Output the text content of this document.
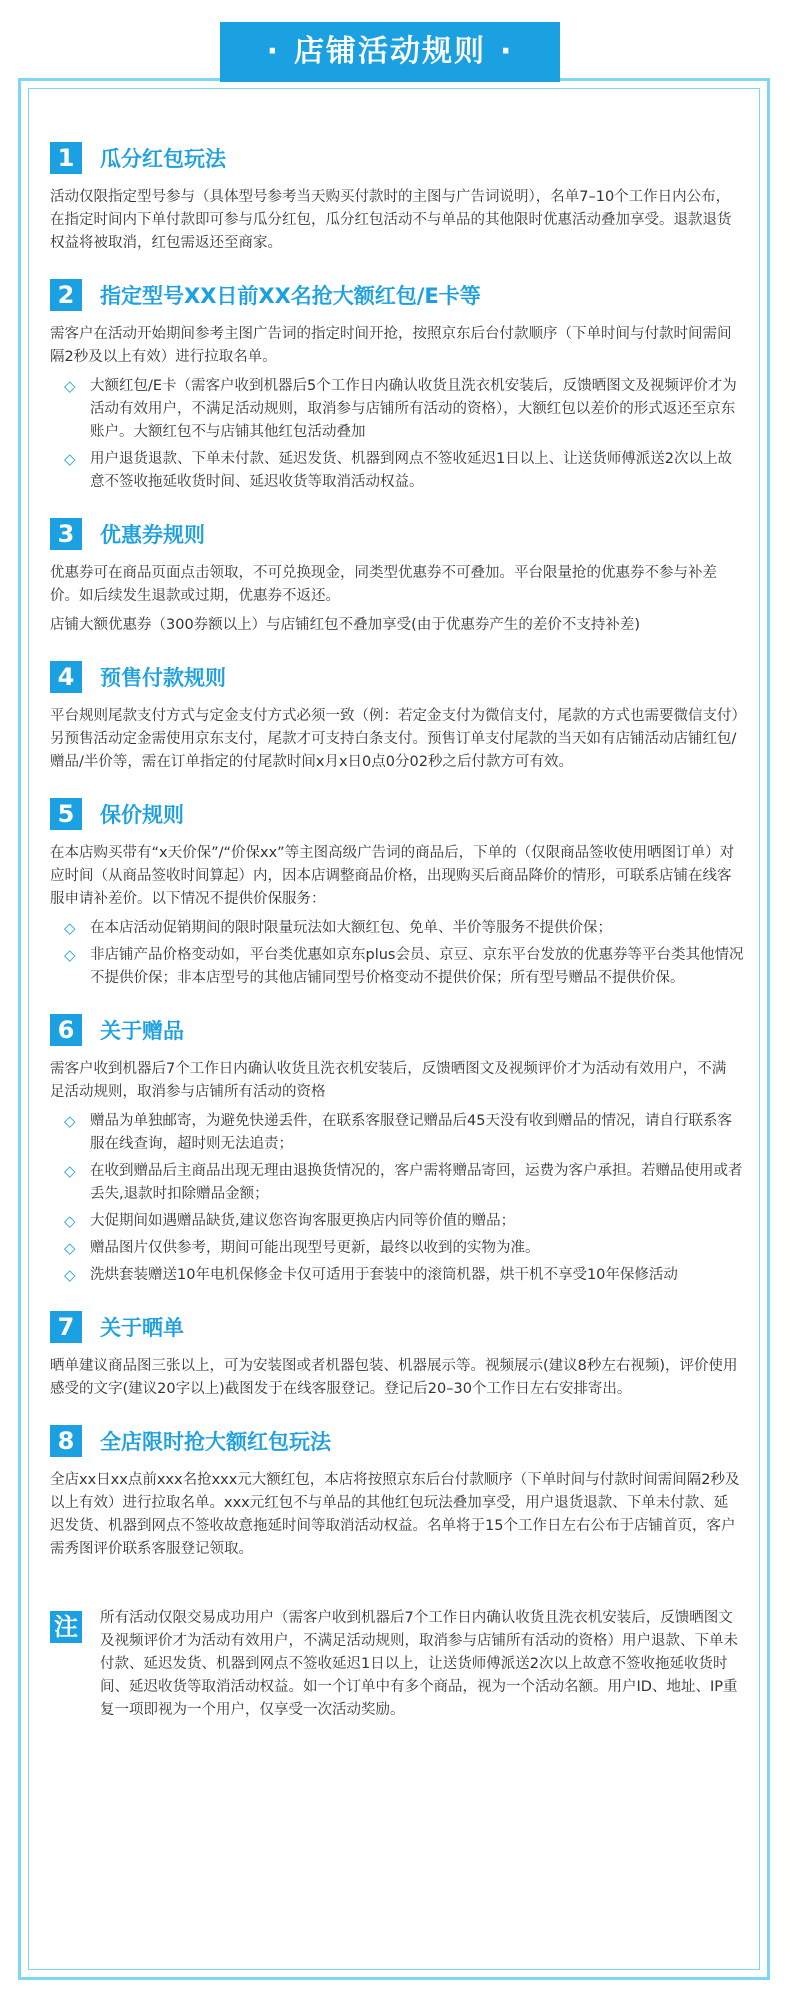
· 店铺活动规则 ·
1	瓜分红包玩法

活动仅限指定型号参与（具体型号参考当天购买付款时的主图与广告词说明），名单7–10个工作日内公布，在指定时间内下单付款即可参与瓜分红包，瓜分红包活动不与单品的其他限时优惠活动叠加享受。退款退货权益将被取消，红包需返还至商家。

2	指定型号XX日前XX名抢大额红包/E卡等

需客户在活动开始期间参考主图广告词的指定时间开抢，按照京东后台付款顺序（下单时间与付款时间需间隔2秒及以上有效）进行拉取名单。

◇ 大额红包/E卡（需客户收到机器后5个工作日内确认收货且洗衣机安装后，反馈晒图文及视频评价才为活动有效用户，不满足活动规则，取消参与店铺所有活动的资格），大额红包以差价的形式返还至京东账户。大额红包不与店铺其他红包活动叠加
◇ 用户退货退款、下单未付款、延迟发货、机器到网点不签收延迟1日以上、让送货师傅派送2次以上故意不签收拖延收货时间、延迟收货等取消活动权益。
3	优惠券规则

优惠券可在商品页面点击领取，不可兑换现金，同类型优惠券不可叠加。平台限量抢的优惠券不参与补差价。如后续发生退款或过期，优惠券不返还。

店铺大额优惠券（300券额以上）与店铺红包不叠加享受(由于优惠券产生的差价不支持补差)

4	预售付款规则

平台规则尾款支付方式与定金支付方式必须一致（例：若定金支付为微信支付，尾款的方式也需要微信支付）另预售活动定金需使用京东支付，尾款才可支持白条支付。预售订单支付尾款的当天如有店铺活动店铺红包/赠品/半价等，需在订单指定的付尾款时间x月x日0点0分02秒之后付款方可有效。

5	保价规则

在本店购买带有“x天价保”/“价保xx”等主图高级广告词的商品后，下单的（仅限商品签收使用晒图订单）对应时间（从商品签收时间算起）内，因本店调整商品价格，出现购买后商品降价的情形，可联系店铺在线客服申请补差价。以下情况不提供价保服务：

◇ 在本店活动促销期间的限时限量玩法如大额红包、免单、半价等服务不提供价保；
◇ 非店铺产品价格变动如，平台类优惠如京东plus会员、京豆、京东平台发放的优惠券等平台类其他情况不提供价保；非本店型号的其他店铺同型号价格变动不提供价保；所有型号赠品不提供价保。
6	关于赠品

需客户收到机器后7个工作日内确认收货且洗衣机安装后，反馈晒图文及视频评价才为活动有效用户，不满足活动规则，取消参与店铺所有活动的资格

◇ 赠品为单独邮寄，为避免快递丢件，在联系客服登记赠品后45天没有收到赠品的情况，请自行联系客服在线查询，超时则无法追责；
◇ 在收到赠品后主商品出现无理由退换货情况的，客户需将赠品寄回，运费为客户承担。若赠品使用或者丢失,退款时扣除赠品金额；
◇ 大促期间如遇赠品缺货,建议您咨询客服更换店内同等价值的赠品；
◇ 赠品图片仅供参考，期间可能出现型号更新，最终以收到的实物为准。
◇ 洗烘套装赠送10年电机保修金卡仅可适用于套装中的滚筒机器，烘干机不享受10年保修活动
7	关于晒单

晒单建议商品图三张以上，可为安装图或者机器包装、机器展示等。视频展示(建议8秒左右视频)，评价使用感受的文字(建议20字以上)截图发于在线客服登记。登记后20–30个工作日左右安排寄出。

8	全店限时抢大额红包玩法

全店xx日xx点前xxx名抢xxx元大额红包，本店将按照京东后台付款顺序（下单时间与付款时间需间隔2秒及以上有效）进行拉取名单。xxx元红包不与单品的其他红包玩法叠加享受，用户退货退款、下单未付款、延迟发货、机器到网点不签收故意拖延时间等取消活动权益。名单将于15个工作日左右公布于店铺首页，客户需秀图评价联系客服登记领取。

注 所有活动仅限交易成功用户（需客户收到机器后7个工作日内确认收货且洗衣机安装后，反馈晒图文及视频评价才为活动有效用户，不满足活动规则，取消参与店铺所有活动的资格）用户退款、下单未付款、延迟发货、机器到网点不签收延迟1日以上，让送货师傅派送2次以上故意不签收拖延收货时间、延迟收货等取消活动权益。如一个订单中有多个商品，视为一个活动名额。用户ID、地址、IP重复一项即视为一个用户，仅享受一次活动奖励。
